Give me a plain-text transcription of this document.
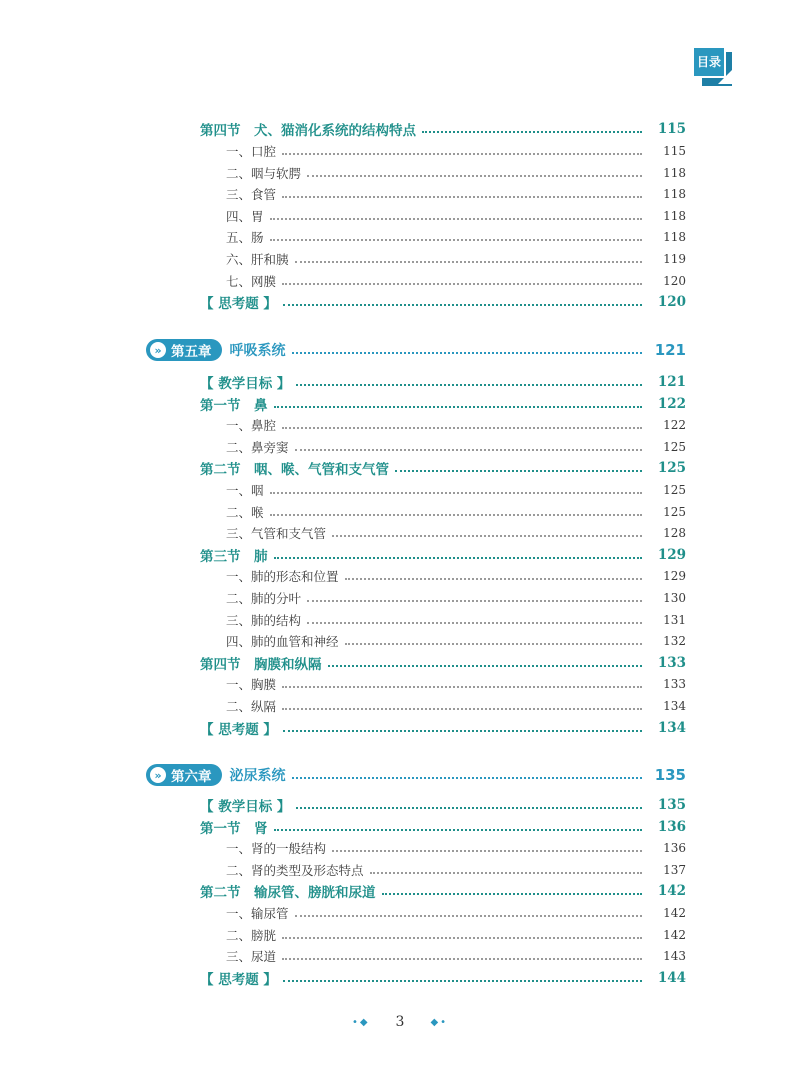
目录
第四节　犬、猫消化系统的结构特点	115
一、口腔	115
二、咽与软腭	118
三、食管	118
四、胃	118
五、肠	118
六、肝和胰	119
七、网膜	120
【 思考题 】	120
» 第五章 呼吸系统	121
【 教学目标 】	121
第一节　鼻	122
一、鼻腔	122
二、鼻旁窦	125
第二节　咽、喉、气管和支气管	125
一、咽	125
二、喉	125
三、气管和支气管	128
第三节　肺	129
一、肺的形态和位置	129
二、肺的分叶	130
三、肺的结构	131
四、肺的血管和神经	132
第四节　胸膜和纵隔	133
一、胸膜	133
二、纵隔	134
【 思考题 】	134
» 第六章 泌尿系统	135
【 教学目标 】	135
第一节　肾	136
一、肾的一般结构	136
二、肾的类型及形态特点	137
第二节　输尿管、膀胱和尿道	142
一、输尿管	142
二、膀胱	142
三、尿道	143
【 思考题 】	144
•◆ 3	◆•
